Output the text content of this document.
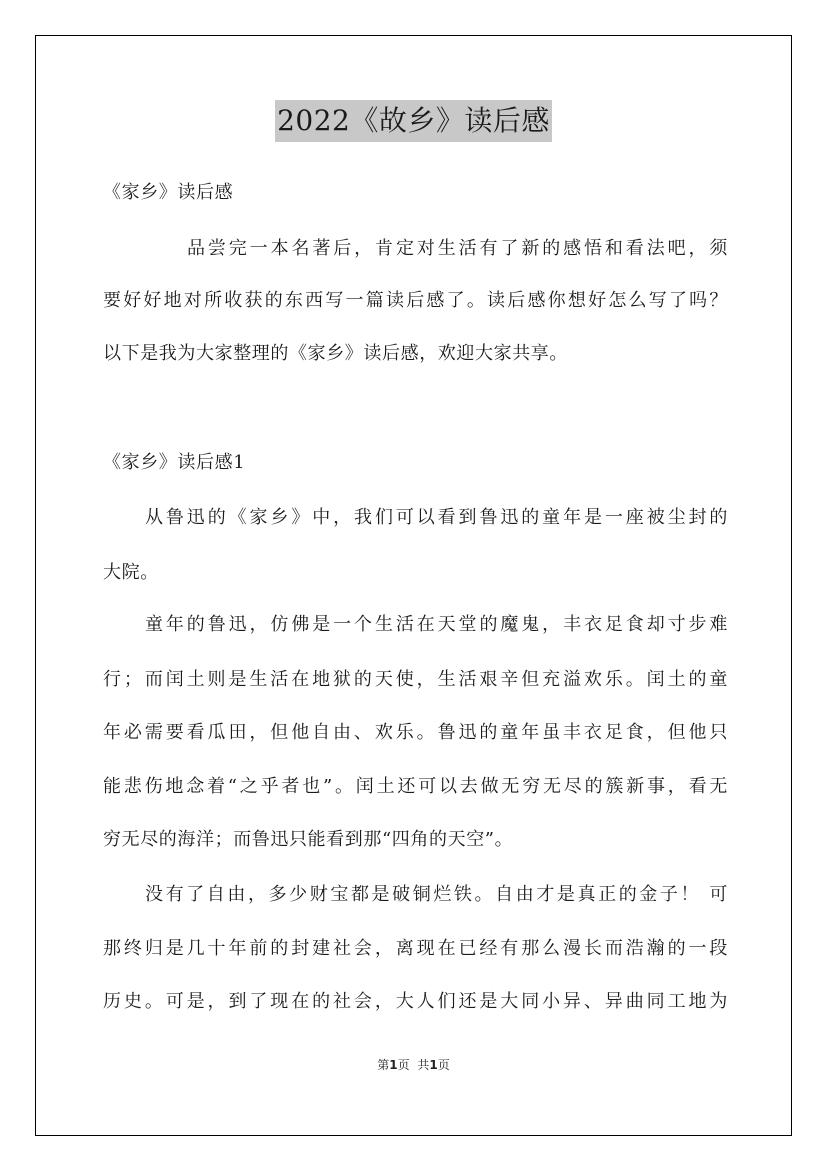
2022《故乡》读后感
《家乡》读后感
品尝完一本名著后，肯定对生活有了新的感悟和看法吧，须
要好好地对所收获的东西写一篇读后感了。读后感你想好怎么写了吗？
以下是我为大家整理的《家乡》读后感，欢迎大家共享。
《家乡》读后感1
从鲁迅的《家乡》中，我们可以看到鲁迅的童年是一座被尘封的
大院。
童年的鲁迅，仿佛是一个生活在天堂的魔鬼，丰衣足食却寸步难
行；而闰土则是生活在地狱的天使，生活艰辛但充溢欢乐。闰土的童
年必需要看瓜田，但他自由、欢乐。鲁迅的童年虽丰衣足食，但他只
能悲伤地念着“之乎者也”。闰土还可以去做无穷无尽的簇新事，看无
穷无尽的海洋；而鲁迅只能看到那“四角的天空”。
没有了自由，多少财宝都是破铜烂铁。自由才是真正的金子！ 可
那终归是几十年前的封建社会，离现在已经有那么漫长而浩瀚的一段
历史。可是，到了现在的社会，大人们还是大同小异、异曲同工地为
第1页 共1页
